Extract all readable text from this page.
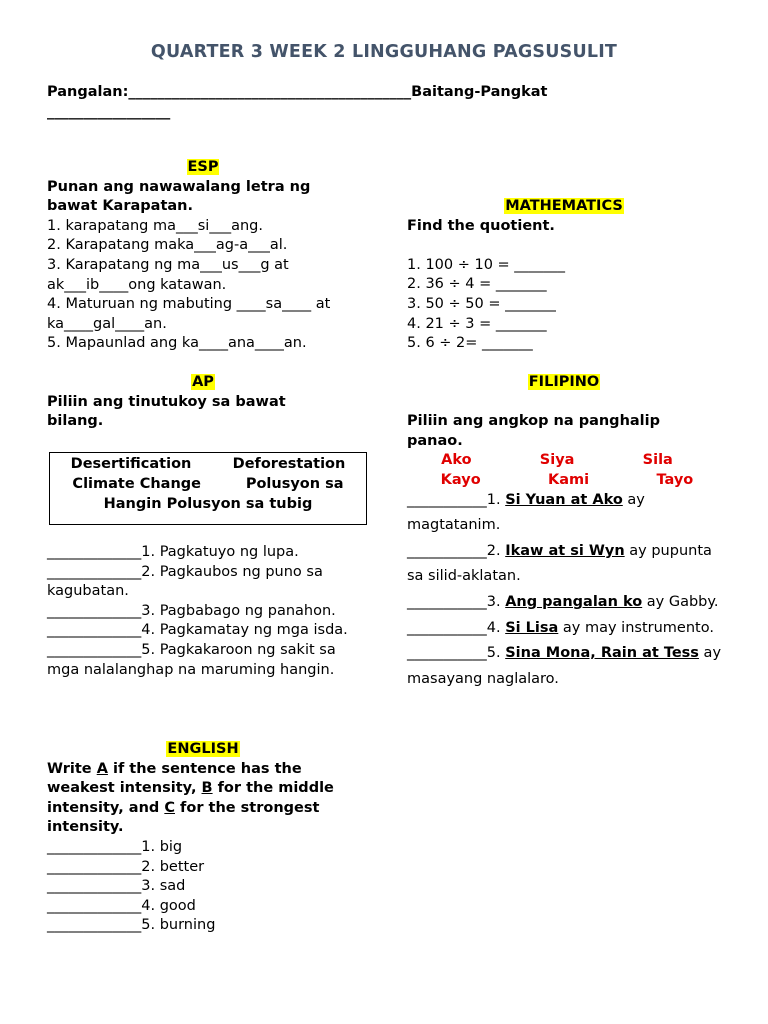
QUARTER 3 WEEK 2 LINGGUHANG PAGSUSULIT
Pangalan:_______________________________________Baitang-Pangkat
_________________
ESP

Punan ang nawawalang letra ng bawat Karapatan.

1. karapatang ma___si___ang.

2. Karapatang maka___ag-a___al.

3. Karapatang ng ma___us___g at ak___ib____ong katawan.

4. Maturuan ng mabuting ____sa____ at ka____gal____an.

5. Mapaunlad ang ka____ana____an.

MATHEMATICS

Find the quotient.

1. 100 ÷ 10 = _______

2. 36 ÷ 4 = _______

3. 50 ÷ 50 = _______

4. 21 ÷ 3 = _______

5. 6 ÷ 2= _______

AP

Piliin ang tinutukoy sa bawat bilang.

Desertification	Deforestation
Climate Change	Polusyon sa
Hangin Polusyon sa tubig

_____________1. Pagkatuyo ng lupa.

_____________2. Pagkaubos ng puno sa kagubatan.

_____________3. Pagbabago ng panahon.

_____________4. Pagkamatay ng mga isda.

_____________5. Pagkakaroon ng sakit sa mga nalalanghap na maruming hangin.

FILIPINO

Piliin ang angkop na panghalip panao.

Ako	Siya	Sila
Kayo	Kami	Tayo

___________1. Si Yuan at Ako ay magtatanim.

___________2. Ikaw at si Wyn ay pupunta sa silid-aklatan.

___________3. Ang pangalan ko ay Gabby.

___________4. Si Lisa ay may instrumento.

___________5. Sina Mona, Rain at Tess ay masayang naglalaro.

ENGLISH

Write A if the sentence has the weakest intensity, B for the middle intensity, and C for the strongest intensity.

_____________1. big

_____________2. better

_____________3. sad

_____________4. good

_____________5. burning
